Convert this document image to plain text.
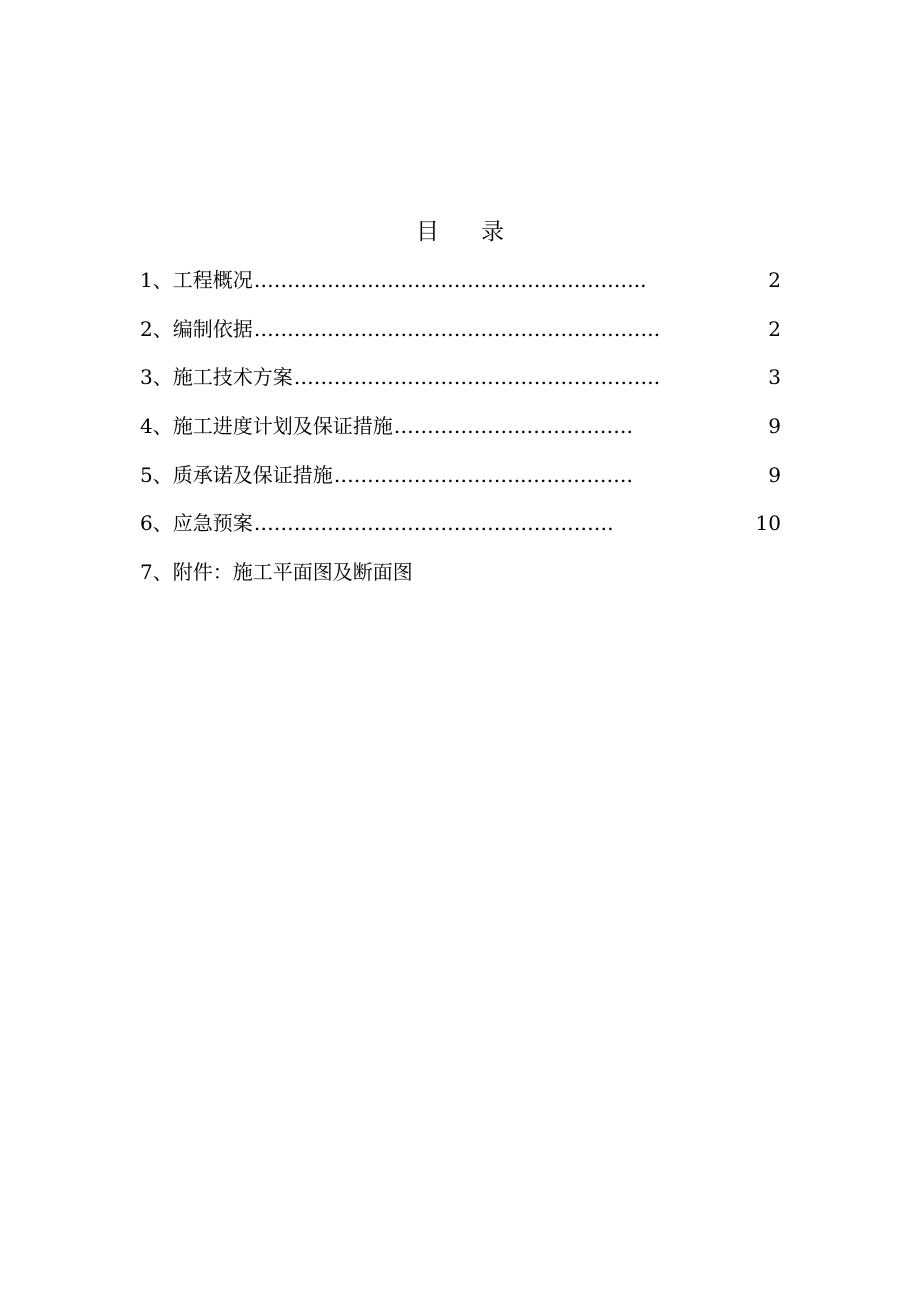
目 录
1、工程概况 …………………………………………………..	2
2、编制依据 …………………………………………………….	2
3、施工技术方案 ……………………………………………….	3
4、施工进度计划及保证措施 ………………..…………….	9
5、质承诺及保证措施 ………………………..…………….	9
6、应急预案 ………………………………………………	10
7、附件：施工平面图及断面图
